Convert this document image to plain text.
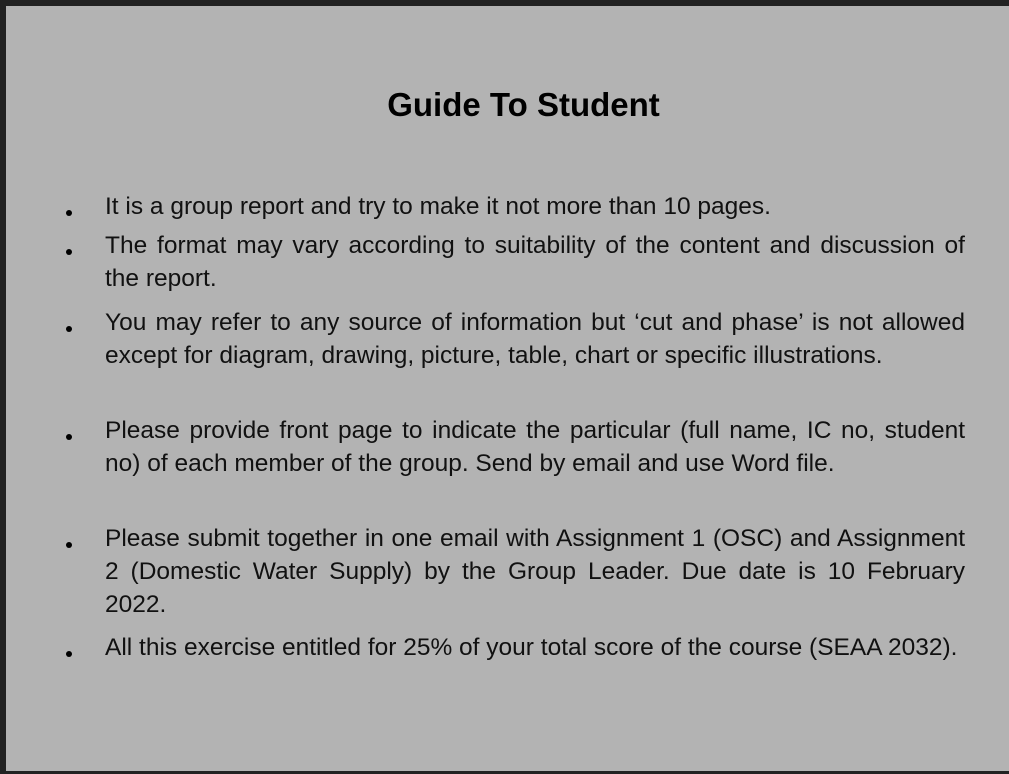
Guide To Student

It is a group report and try to make it not more than 10 pages.

The format may vary according to suitability of the content and discussion of the report.

You may refer to any source of information but ‘cut and phase’ is not allowed except for diagram, drawing, picture, table, chart or specific illustrations.

Please provide front page to indicate the particular (full name, IC no, student no) of each member of the group. Send by email and use Word file.

Please submit together in one email with Assignment 1 (OSC) and Assignment 2 (Domestic Water Supply) by the Group Leader. Due date is 10 February 2022.

All this exercise entitled for 25% of your total score of the course (SEAA 2032).
